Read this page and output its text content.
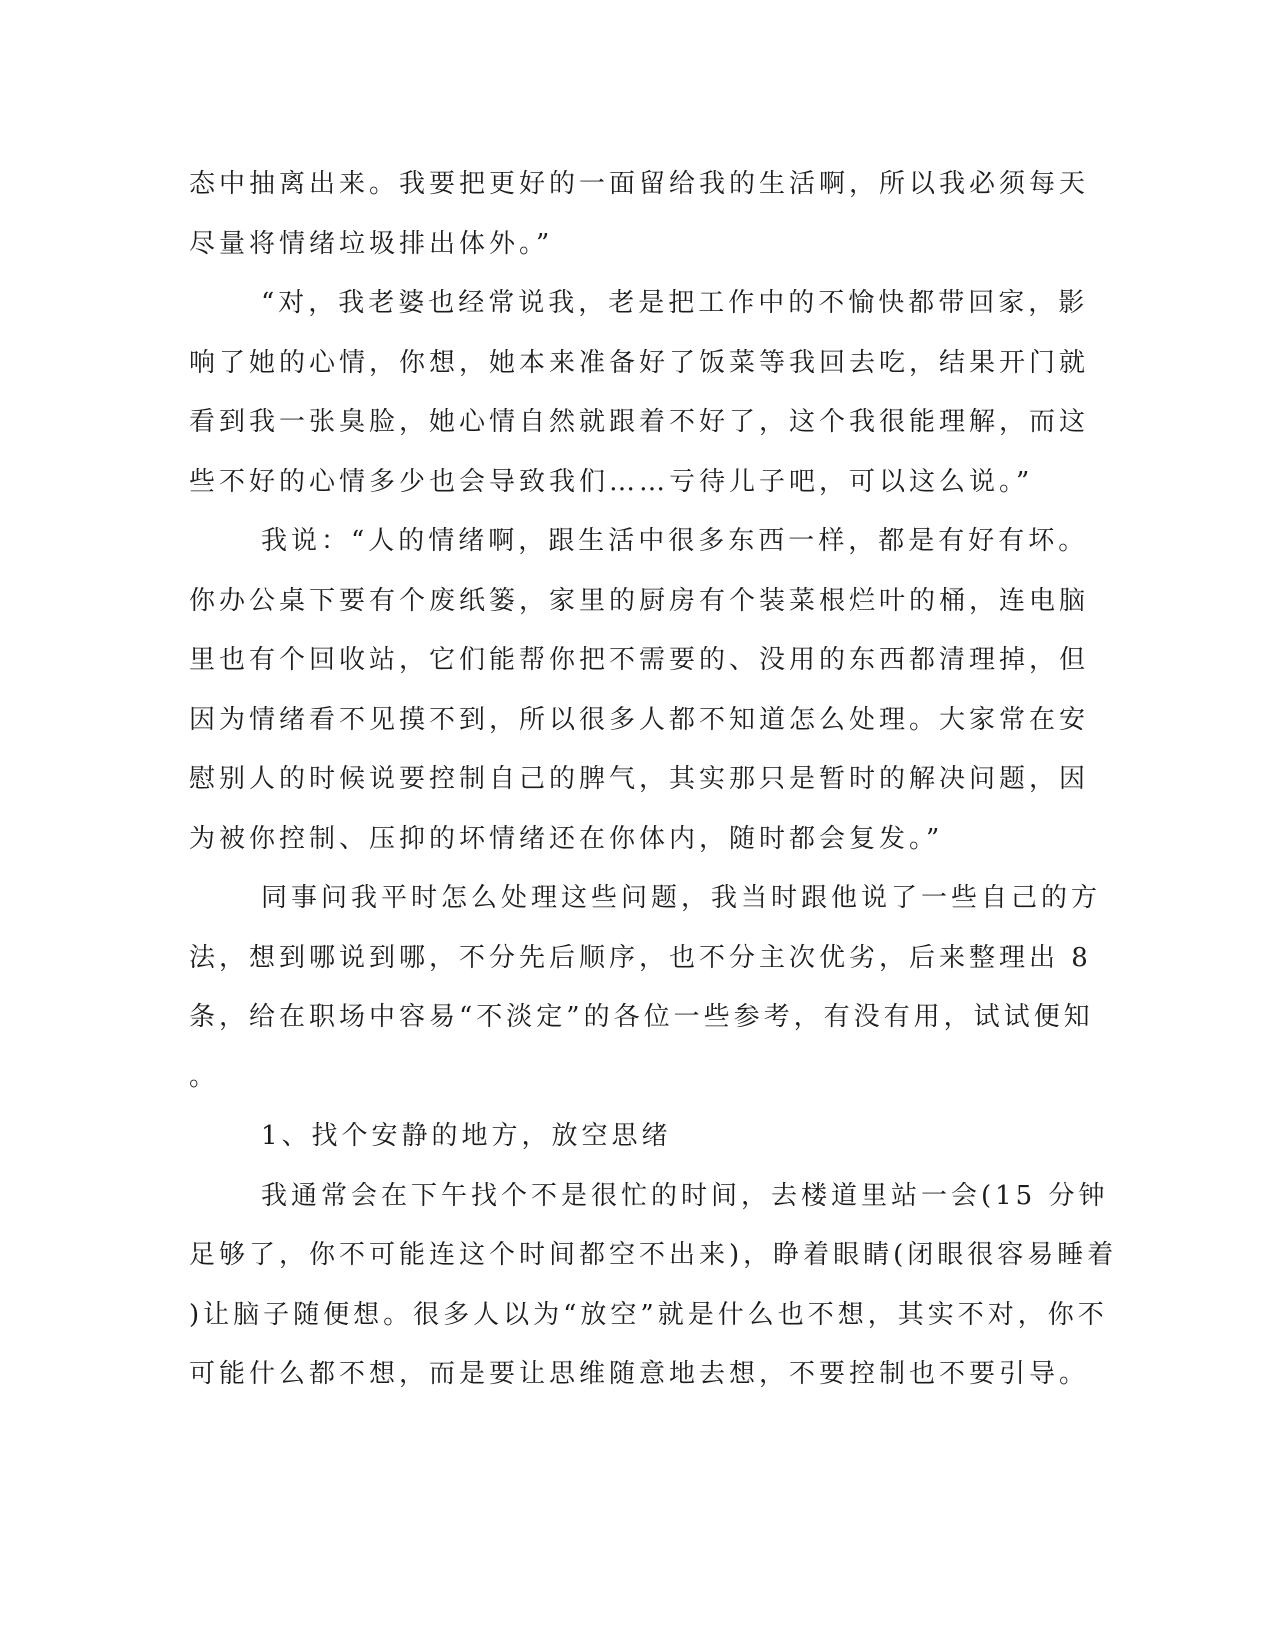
态中抽离出来。我要把更好的一面留给我的生活啊，所以我必须每天
尽量将情绪垃圾排出体外。”
“对，我老婆也经常说我，老是把工作中的不愉快都带回家，影
响了她的心情，你想，她本来准备好了饭菜等我回去吃，结果开门就
看到我一张臭脸，她心情自然就跟着不好了，这个我很能理解，而这
些不好的心情多少也会导致我们……亏待儿子吧，可以这么说。”
我说：“人的情绪啊，跟生活中很多东西一样，都是有好有坏。
你办公桌下要有个废纸篓，家里的厨房有个装菜根烂叶的桶，连电脑
里也有个回收站，它们能帮你把不需要的、没用的东西都清理掉，但
因为情绪看不见摸不到，所以很多人都不知道怎么处理。大家常在安
慰别人的时候说要控制自己的脾气，其实那只是暂时的解决问题，因
为被你控制、压抑的坏情绪还在你体内，随时都会复发。”
同事问我平时怎么处理这些问题，我当时跟他说了一些自己的方
法，想到哪说到哪，不分先后顺序，也不分主次优劣，后来整理出 8
条，给在职场中容易“不淡定”的各位一些参考，有没有用，试试便知
。
1、找个安静的地方，放空思绪
我通常会在下午找个不是很忙的时间，去楼道里站一会(15 分钟
足够了，你不可能连这个时间都空不出来)，睁着眼睛(闭眼很容易睡着
)让脑子随便想。很多人以为“放空”就是什么也不想，其实不对，你不
可能什么都不想，而是要让思维随意地去想，不要控制也不要引导。
